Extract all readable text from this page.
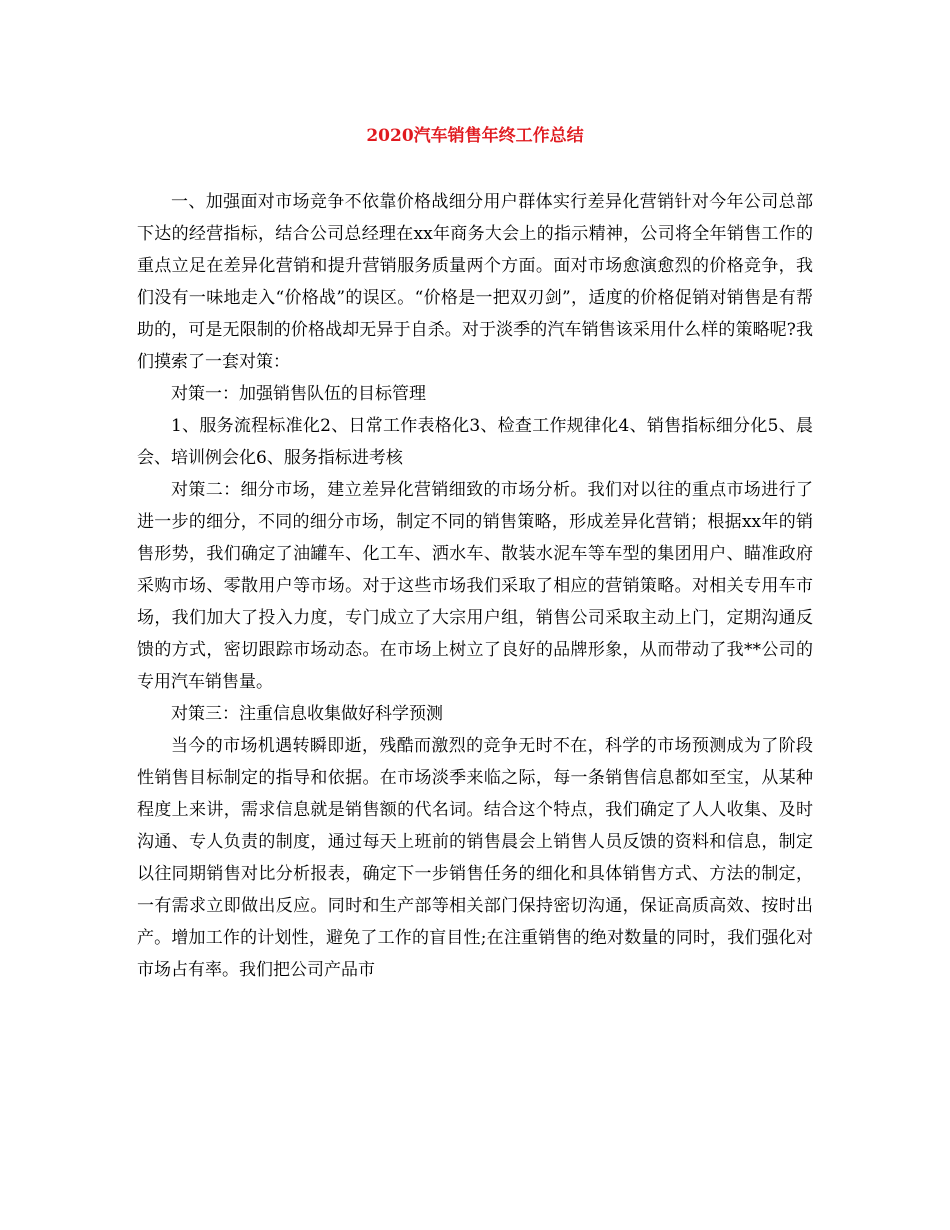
2020汽车销售年终工作总结

一、加强面对市场竞争不依靠价格战细分用户群体实行差异化营销针对今年公司总部下达的经营指标，结合公司总经理在xx年商务大会上的指示精神，公司将全年销售工作的重点立足在差异化营销和提升营销服务质量两个方面。面对市场愈演愈烈的价格竞争，我们没有一味地走入“价格战”的误区。“价格是一把双刃剑”，适度的价格促销对销售是有帮助的，可是无限制的价格战却无异于自杀。对于淡季的汽车销售该采用什么样的策略呢?我们摸索了一套对策：

对策一：加强销售队伍的目标管理

1、服务流程标准化2、日常工作表格化3、检查工作规律化4、销售指标细分化5、晨会、培训例会化6、服务指标进考核

对策二：细分市场，建立差异化营销细致的市场分析。我们对以往的重点市场进行了进一步的细分，不同的细分市场，制定不同的销售策略，形成差异化营销；根据xx年的销售形势，我们确定了油罐车、化工车、洒水车、散装水泥车等车型的集团用户、瞄准政府采购市场、零散用户等市场。对于这些市场我们采取了相应的营销策略。对相关专用车市场，我们加大了投入力度，专门成立了大宗用户组，销售公司采取主动上门，定期沟通反馈的方式，密切跟踪市场动态。在市场上树立了良好的品牌形象，从而带动了我**公司的专用汽车销售量。

对策三：注重信息收集做好科学预测

当今的市场机遇转瞬即逝，残酷而激烈的竞争无时不在，科学的市场预测成为了阶段性销售目标制定的指导和依据。在市场淡季来临之际，每一条销售信息都如至宝，从某种程度上来讲，需求信息就是销售额的代名词。结合这个特点，我们确定了人人收集、及时沟通、专人负责的制度，通过每天上班前的销售晨会上销售人员反馈的资料和信息，制定以往同期销售对比分析报表，确定下一步销售任务的细化和具体销售方式、方法的制定，一有需求立即做出反应。同时和生产部等相关部门保持密切沟通，保证高质高效、按时出产。增加工作的计划性，避免了工作的盲目性;在注重销售的绝对数量的同时，我们强化对市场占有率。我们把公司产品市
